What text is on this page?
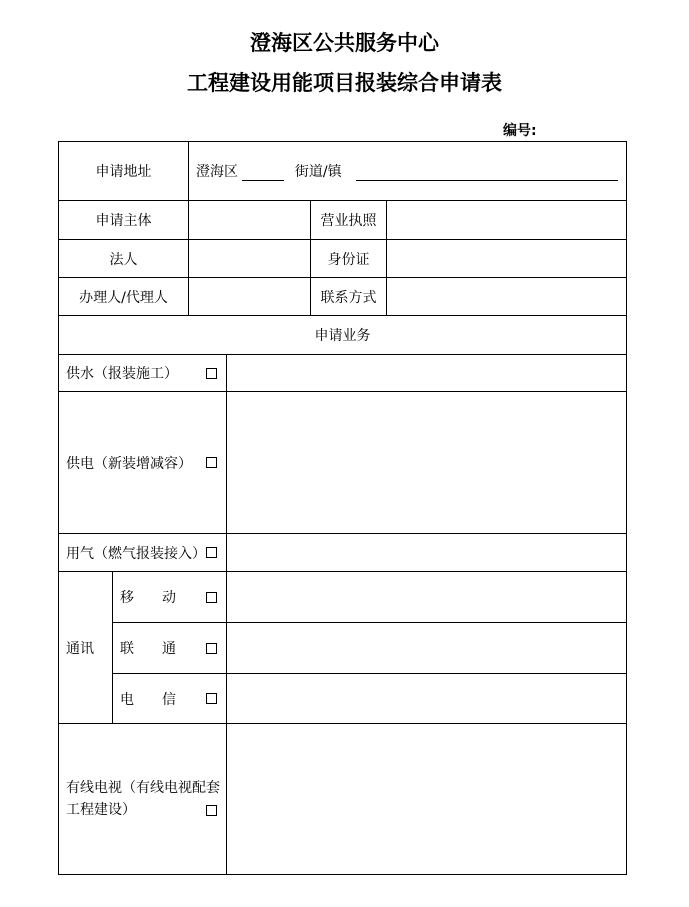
澄海区公共服务中心
工程建设用能项目报装综合申请表
编号:
申请地址		澄海区 街道/镇			
申请主体				营业执照	
法人				身份证	
办理人/代理人				联系方式	
申请业务					

供水（报装施工）					

供电（新装增减容）					

用气（燃气报装接入）					

通讯	移　　动				

	联　　通				

	电　　信				

有线电视（有线电视配套工程建设）					
